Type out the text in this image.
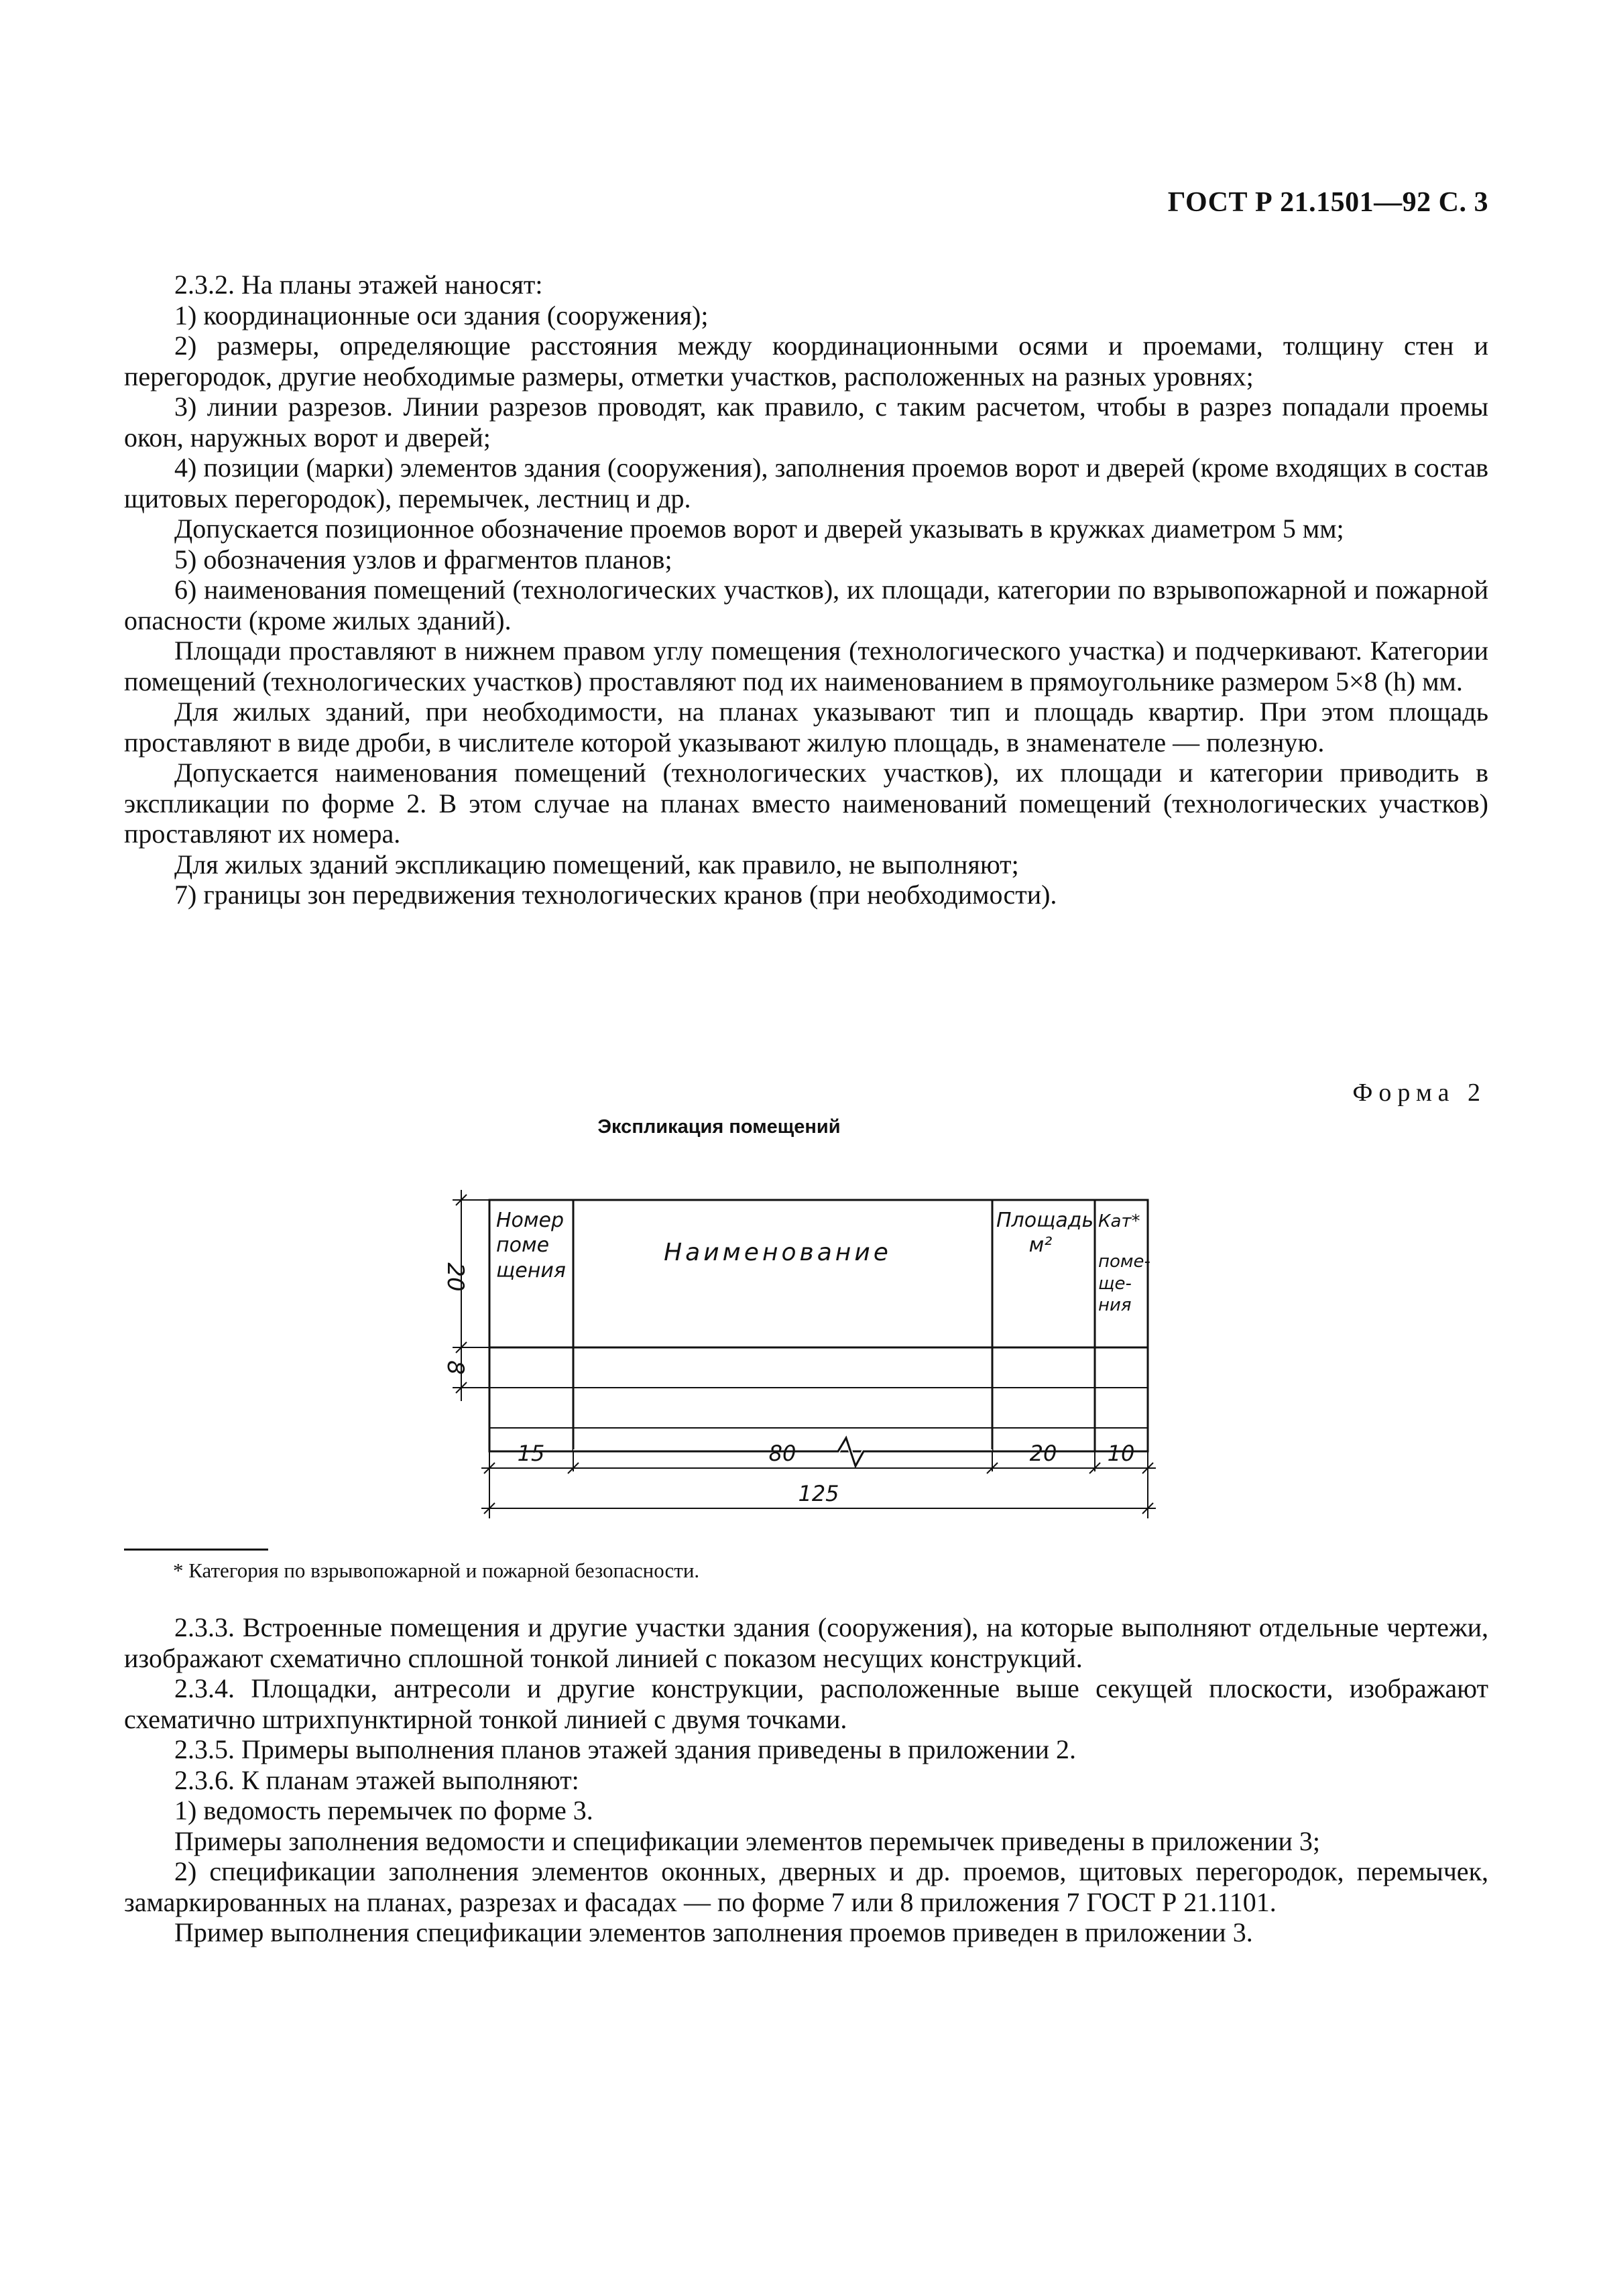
ГОСТ Р 21.1501—92 С. 3

2.3.2. На планы этажей наносят:

1) координационные оси здания (сооружения);

2) размеры, определяющие расстояния между координационными осями и проемами, толщину стен и перегородок, другие необходимые размеры, отметки участков, расположенных на разных уровнях;

3) линии разрезов. Линии разрезов проводят, как правило, с таким расчетом, чтобы в разрез попадали проемы окон, наружных ворот и дверей;

4) позиции (марки) элементов здания (сооружения), заполнения проемов ворот и дверей (кроме входящих в состав щитовых перегородок), перемычек, лестниц и др.

Допускается позиционное обозначение проемов ворот и дверей указывать в кружках диаметром 5 мм;

5) обозначения узлов и фрагментов планов;

6) наименования помещений (технологических участков), их площади, категории по взрывопожарной и пожарной опасности (кроме жилых зданий).

Площади проставляют в нижнем правом углу помещения (технологического участка) и подчеркивают. Категории помещений (технологических участков) проставляют под их наименованием в прямоугольнике размером 5×8 (h) мм.

Для жилых зданий, при необходимости, на планах указывают тип и площадь квартир. При этом площадь проставляют в виде дроби, в числителе которой указывают жилую площадь, в знаменателе — полезную.

Допускается наименования помещений (технологических участков), их площади и категории приводить в экспликации по форме 2. В этом случае на планах вместо наименований помещений (технологических участков) проставляют их номера.

Для жилых зданий экспликацию помещений, как правило, не выполняют;

7) границы зон передвижения технологических кранов (при необходимости).

Форма 2
Экспликация помещений
20
8
15	80	20 10
125
Номер
поме
щения
Наименование
Площадь
м²
Кат*
поме-
ще-
ния
* Категория по взрывопожарной и пожарной безопасности.

2.3.3. Встроенные помещения и другие участки здания (сооружения), на которые выполняют отдельные чертежи, изображают схематично сплошной тонкой линией с показом несущих конструкций.

2.3.4. Площадки, антресоли и другие конструкции, расположенные выше секущей плоскости, изображают схематично штрихпунктирной тонкой линией с двумя точками.

2.3.5. Примеры выполнения планов этажей здания приведены в приложении 2.

2.3.6. К планам этажей выполняют:

1) ведомость перемычек по форме 3.

Примеры заполнения ведомости и спецификации элементов перемычек приведены в приложении 3;

2) спецификации заполнения элементов оконных, дверных и др. проемов, щитовых перегородок, перемычек, замаркированных на планах, разрезах и фасадах — по форме 7 или 8 приложения 7 ГОСТ Р 21.1101.

Пример выполнения спецификации элементов заполнения проемов приведен в приложении 3.
